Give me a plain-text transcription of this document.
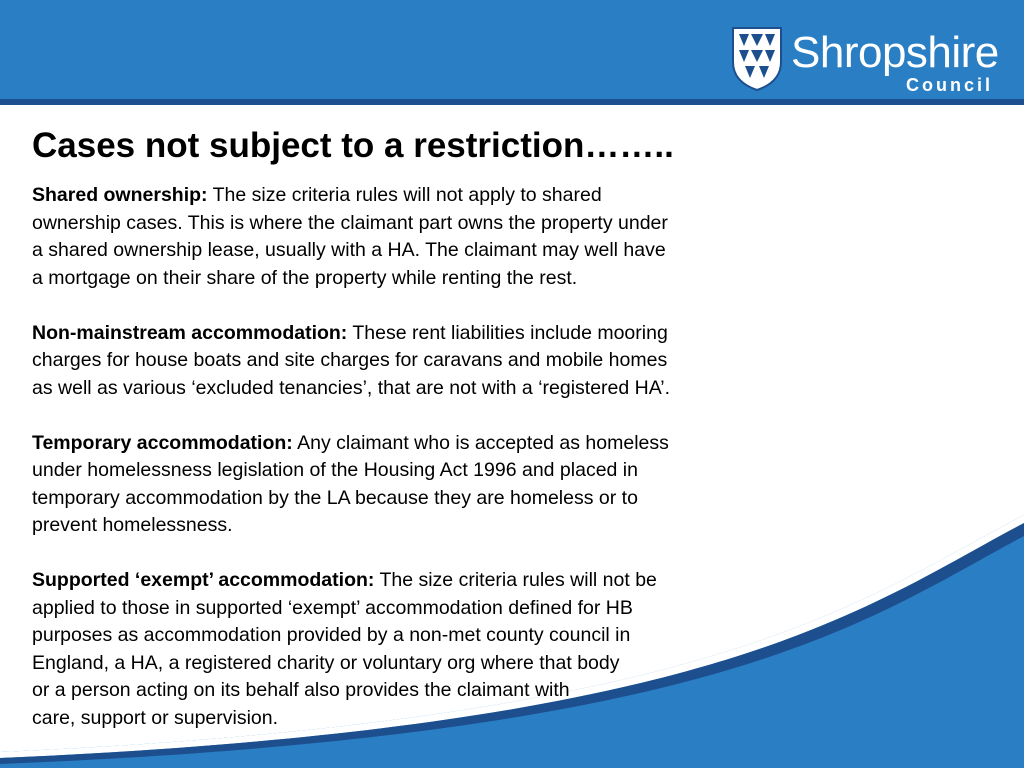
Shropshire
Council
Cases not subject to a restriction……..

Shared ownership: The size criteria rules will not apply to shared
ownership cases. This is where the claimant part owns the property under
a shared ownership lease, usually with a HA. The claimant may well have
a mortgage on their share of the property while renting the rest.

Non-mainstream accommodation: These rent liabilities include mooring
charges for house boats and site charges for caravans and mobile homes
as well as various ‘excluded tenancies’, that are not with a ‘registered HA’.

Temporary accommodation: Any claimant who is accepted as homeless
under homelessness legislation of the Housing Act 1996 and placed in
temporary accommodation by the LA because they are homeless or to
prevent homelessness.

Supported ‘exempt’ accommodation: The size criteria rules will not be
applied to those in supported ‘exempt’ accommodation defined for HB
purposes as accommodation provided by a non-met county council in
England, a HA, a registered charity or voluntary org where that body
or a person acting on its behalf also provides the claimant with
care, support or supervision.
